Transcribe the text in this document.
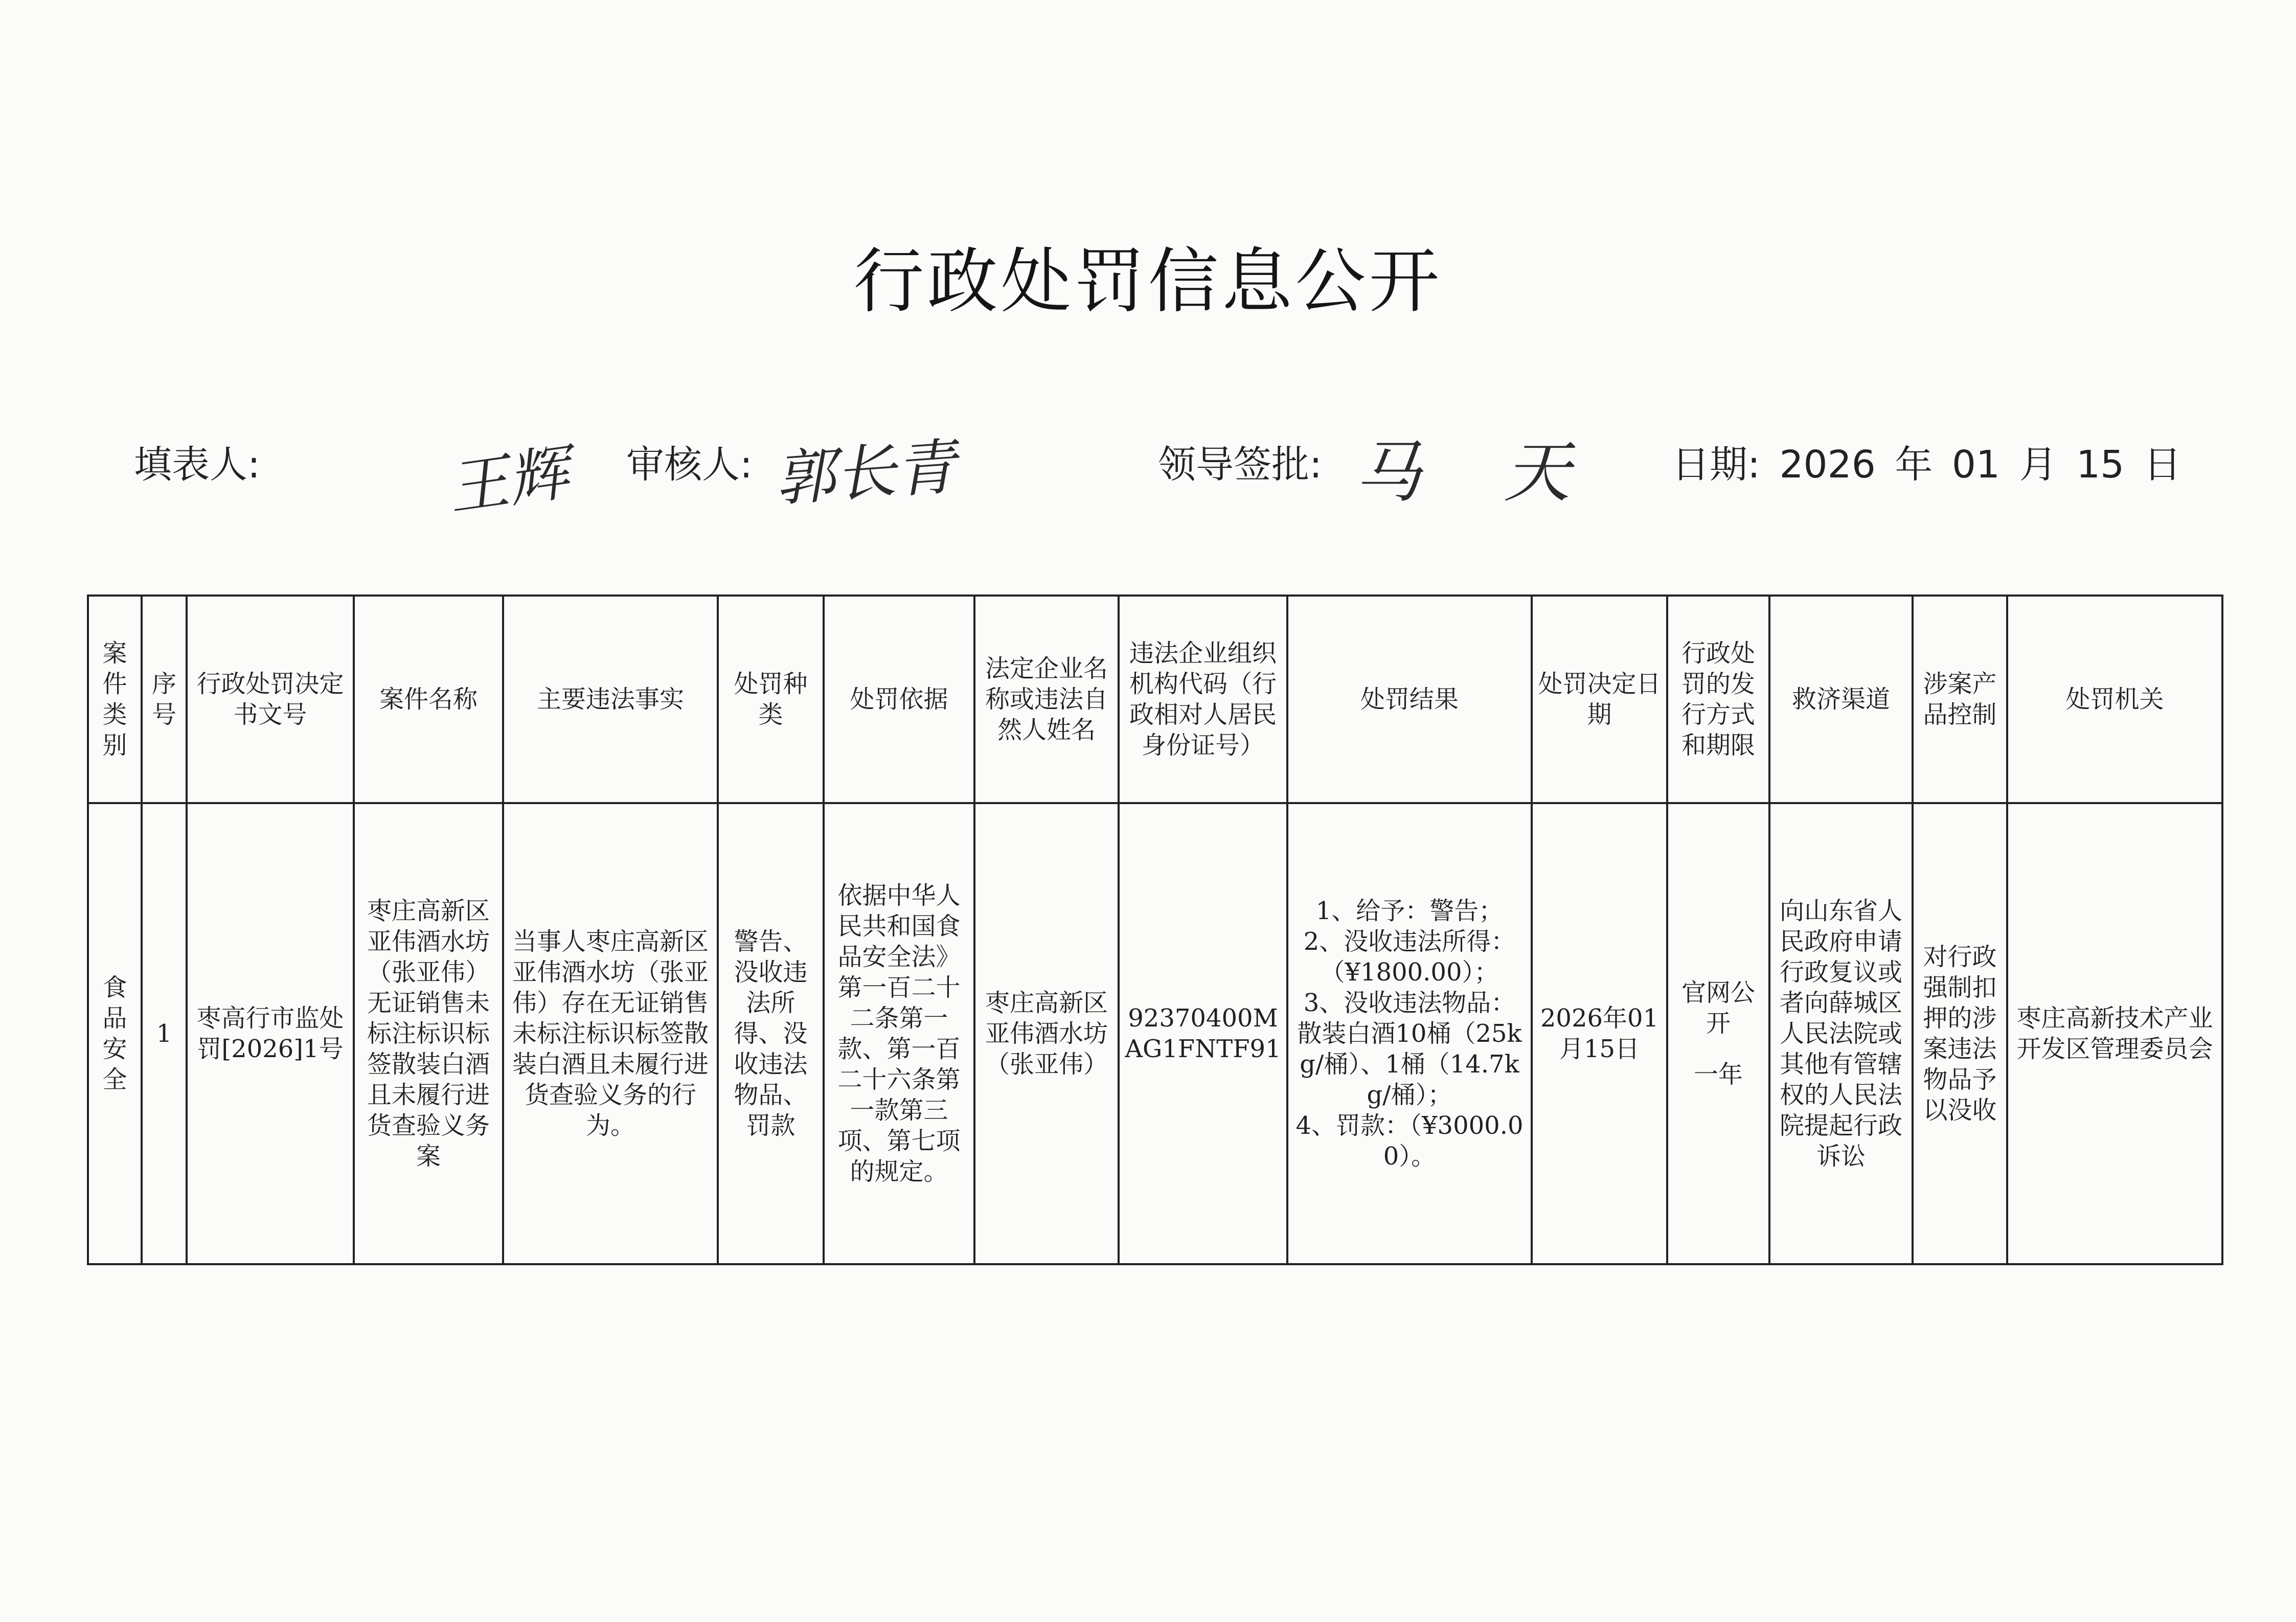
行政处罚信息公开
填表人:	王辉 审核人: 郭长青	领导签批: 马 天 日期: 2026 年 01 月 15 日
案件类别	序号	行政处罚决定书文号	案件名称	主要违法事实	处罚种类	处罚依据	法定企业名称或违法自然人姓名	违法企业组织机构代码（行政相对人居民身份证号）	处罚结果	处罚决定日期	行政处罚的发行方式和期限	救济渠道	涉案产品控制	处罚机关
食品安全	1	枣高行市监处罚[2026]1号	枣庄高新区亚伟酒水坊（张亚伟）无证销售未标注标识标签散装白酒且未履行进货查验义务案	当事人枣庄高新区亚伟酒水坊（张亚伟）存在无证销售未标注标识标签散装白酒且未履行进货查验义务的行为。	警告、没收违法所得、没收违法物品、罚款	依据中华人民共和国食品安全法》第一百二十二条第一款、第一百二十六条第一款第三项、第七项的规定。	枣庄高新区亚伟酒水坊（张亚伟）	92370400MAG1FNTF91	1、给予：警告；
2、没收违法所得：（¥1800.00）；
3、没收违法物品：散装白酒10桶（25kg/桶）、1桶（14.7kg/桶）；
4、罚款：（¥3000.00）。	2026年01月15日	官网公开
一年	向山东省人民政府申请行政复议或者向薛城区人民法院或其他有管辖权的人民法院提起行政诉讼	对行政强制扣押的涉案违法物品予以没收	枣庄高新技术产业开发区管理委员会
